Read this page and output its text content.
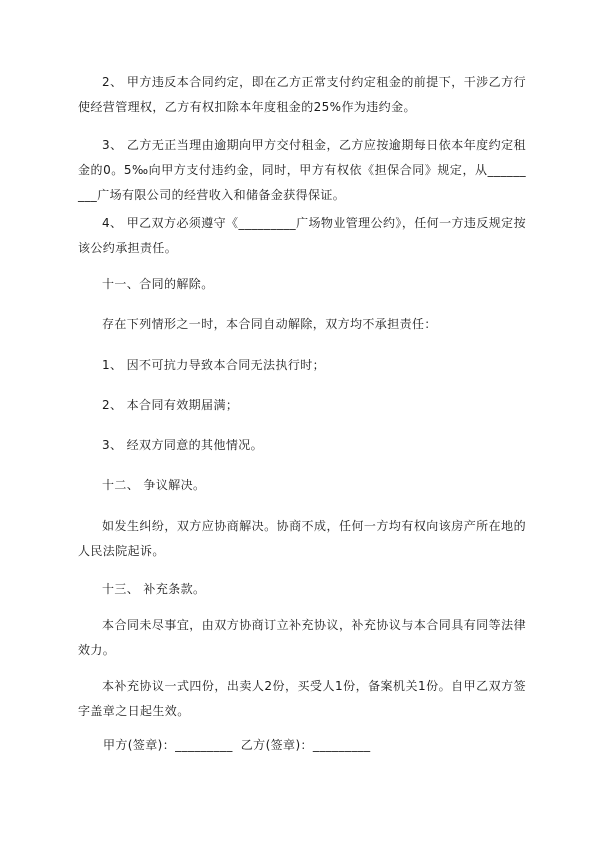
2、 甲方违反本合同约定，即在乙方正常支付约定租金的前提下，干涉乙方行使经营管理权，乙方有权扣除本年度租金的25%作为违约金。

3、 乙方无正当理由逾期向甲方交付租金，乙方应按逾期每日依本年度约定租金的0。5‰向甲方支付违约金，同时，甲方有权依《担保合同》规定，从_________广场有限公司的经营收入和储备金获得保证。

4、 甲乙双方必须遵守《_________广场物业管理公约》，任何一方违反规定按该公约承担责任。

十一、合同的解除。

存在下列情形之一时，本合同自动解除，双方均不承担责任：

1、 因不可抗力导致本合同无法执行时；

2、 本合同有效期届满；

3、 经双方同意的其他情况。

十二、 争议解决。

如发生纠纷，双方应协商解决。协商不成，任何一方均有权向该房产所在地的人民法院起诉。

十三、 补充条款。

本合同未尽事宜，由双方协商订立补充协议，补充协议与本合同具有同等法律效力。

本补充协议一式四份，出卖人2份，买受人1份，备案机关1份。自甲乙双方签字盖章之日起生效。

甲方(签章)：_________ 乙方(签章)：_________
